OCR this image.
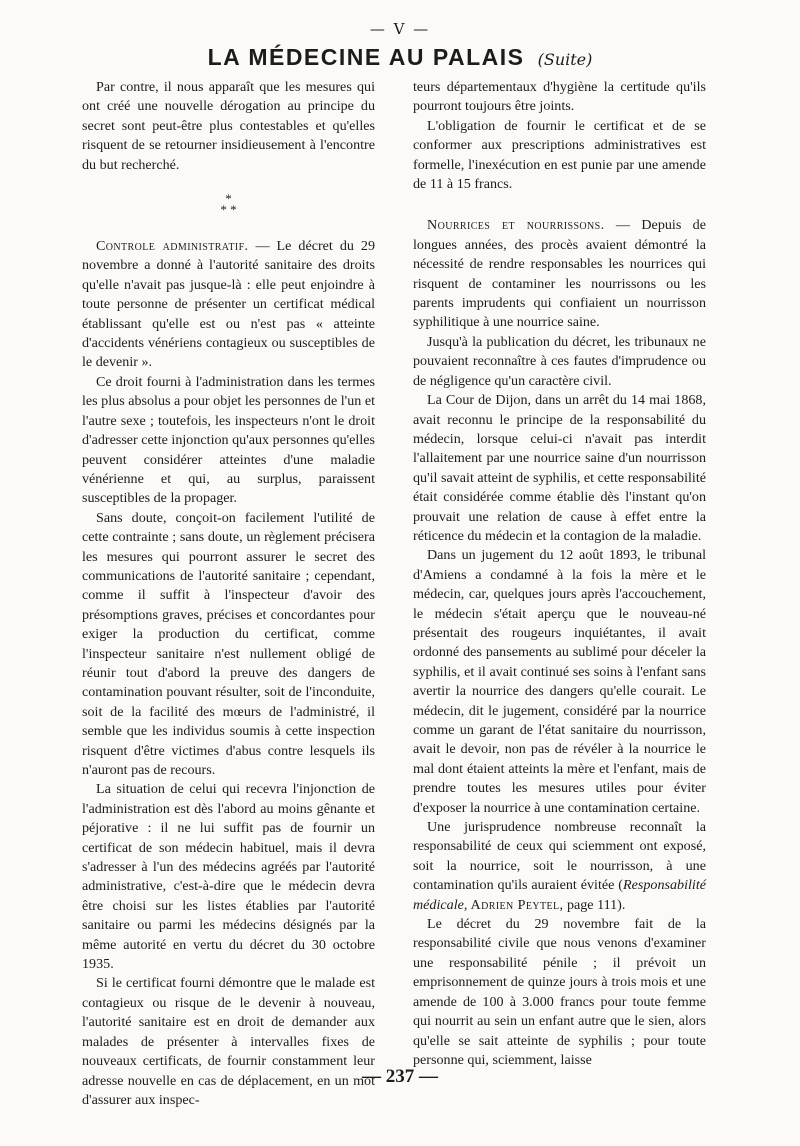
— V —
LA MÉDECINE AU PALAIS (Suite)

Par contre, il nous apparaît que les mesures qui ont créé une nouvelle dérogation au principe du secret sont peut-être plus contestables et qu'elles risquent de se retourner insidieusement à l'encontre du but recherché.

*
* *

Controle administratif. — Le décret du 29 novembre a donné à l'autorité sanitaire des droits qu'elle n'avait pas jusque-là : elle peut enjoindre à toute personne de présenter un certificat médical établissant qu'elle est ou n'est pas « atteinte d'accidents vénériens contagieux ou susceptibles de le devenir ».

Ce droit fourni à l'administration dans les termes les plus absolus a pour objet les personnes de l'un et l'autre sexe ; toutefois, les inspecteurs n'ont le droit d'adresser cette injonction qu'aux personnes qu'elles peuvent considérer atteintes d'une maladie vénérienne et qui, au surplus, paraissent susceptibles de la propager.

Sans doute, conçoit-on facilement l'utilité de cette contrainte ; sans doute, un règlement précisera les mesures qui pourront assurer le secret des communications de l'autorité sanitaire ; cependant, comme il suffit à l'inspecteur d'avoir des présomptions graves, précises et concordantes pour exiger la production du certificat, comme l'inspecteur sanitaire n'est nullement obligé de réunir tout d'abord la preuve des dangers de contamination pouvant résulter, soit de l'inconduite, soit de la facilité des mœurs de l'administré, il semble que les individus soumis à cette inspection risquent d'être victimes d'abus contre lesquels ils n'auront pas de recours.

La situation de celui qui recevra l'injonction de l'administration est dès l'abord au moins gênante et péjorative : il ne lui suffit pas de fournir un certificat de son médecin habituel, mais il devra s'adresser à l'un des médecins agréés par l'autorité administrative, c'est-à-dire que le médecin devra être choisi sur les listes établies par l'autorité sanitaire ou parmi les médecins désignés par la même autorité en vertu du décret du 30 octobre 1935.

Si le certificat fourni démontre que le malade est contagieux ou risque de le devenir à nouveau, l'autorité sanitaire est en droit de demander aux malades de présenter à intervalles fixes de nouveaux certificats, de fournir constamment leur adresse nouvelle en cas de déplacement, en un mot d'assurer aux inspec-

teurs départementaux d'hygiène la certitude qu'ils pourront toujours être joints.

L'obligation de fournir le certificat et de se conformer aux prescriptions administratives est formelle, l'inexécution en est punie par une amende de 11 à 15 francs.

Nourrices et nourrissons. — Depuis de longues années, des procès avaient démontré la nécessité de rendre responsables les nourrices qui risquent de contaminer les nourrissons ou les parents imprudents qui confiaient un nourrisson syphilitique à une nourrice saine.

Jusqu'à la publication du décret, les tribunaux ne pouvaient reconnaître à ces fautes d'imprudence ou de négligence qu'un caractère civil.

La Cour de Dijon, dans un arrêt du 14 mai 1868, avait reconnu le principe de la responsabilité du médecin, lorsque celui-ci n'avait pas interdit l'allaitement par une nourrice saine d'un nourrisson qu'il savait atteint de syphilis, et cette responsabilité était considérée comme établie dès l'instant qu'on prouvait une relation de cause à effet entre la réticence du médecin et la contagion de la maladie.

Dans un jugement du 12 août 1893, le tribunal d'Amiens a condamné à la fois la mère et le médecin, car, quelques jours après l'accouchement, le médecin s'était aperçu que le nouveau-né présentait des rougeurs inquiétantes, il avait ordonné des pansements au sublimé pour déceler la syphilis, et il avait continué ses soins à l'enfant sans avertir la nourrice des dangers qu'elle courait. Le médecin, dit le jugement, considéré par la nourrice comme un garant de l'état sanitaire du nourrisson, avait le devoir, non pas de révéler à la nourrice le mal dont étaient atteints la mère et l'enfant, mais de prendre toutes les mesures utiles pour éviter d'exposer la nourrice à une contamination certaine.

Une jurisprudence nombreuse reconnaît la responsabilité de ceux qui sciemment ont exposé, soit la nourrice, soit le nourrisson, à une contamination qu'ils auraient évitée (Responsabilité médicale, Adrien Peytel, page 111).

Le décret du 29 novembre fait de la responsabilité civile que nous venons d'examiner une responsabilité pénile ; il prévoit un emprisonnement de quinze jours à trois mois et une amende de 100 à 3.000 francs pour toute femme qui nourrit au sein un enfant autre que le sien, alors qu'elle se sait atteinte de syphilis ; pour toute personne qui, sciemment, laisse

— 237 —
